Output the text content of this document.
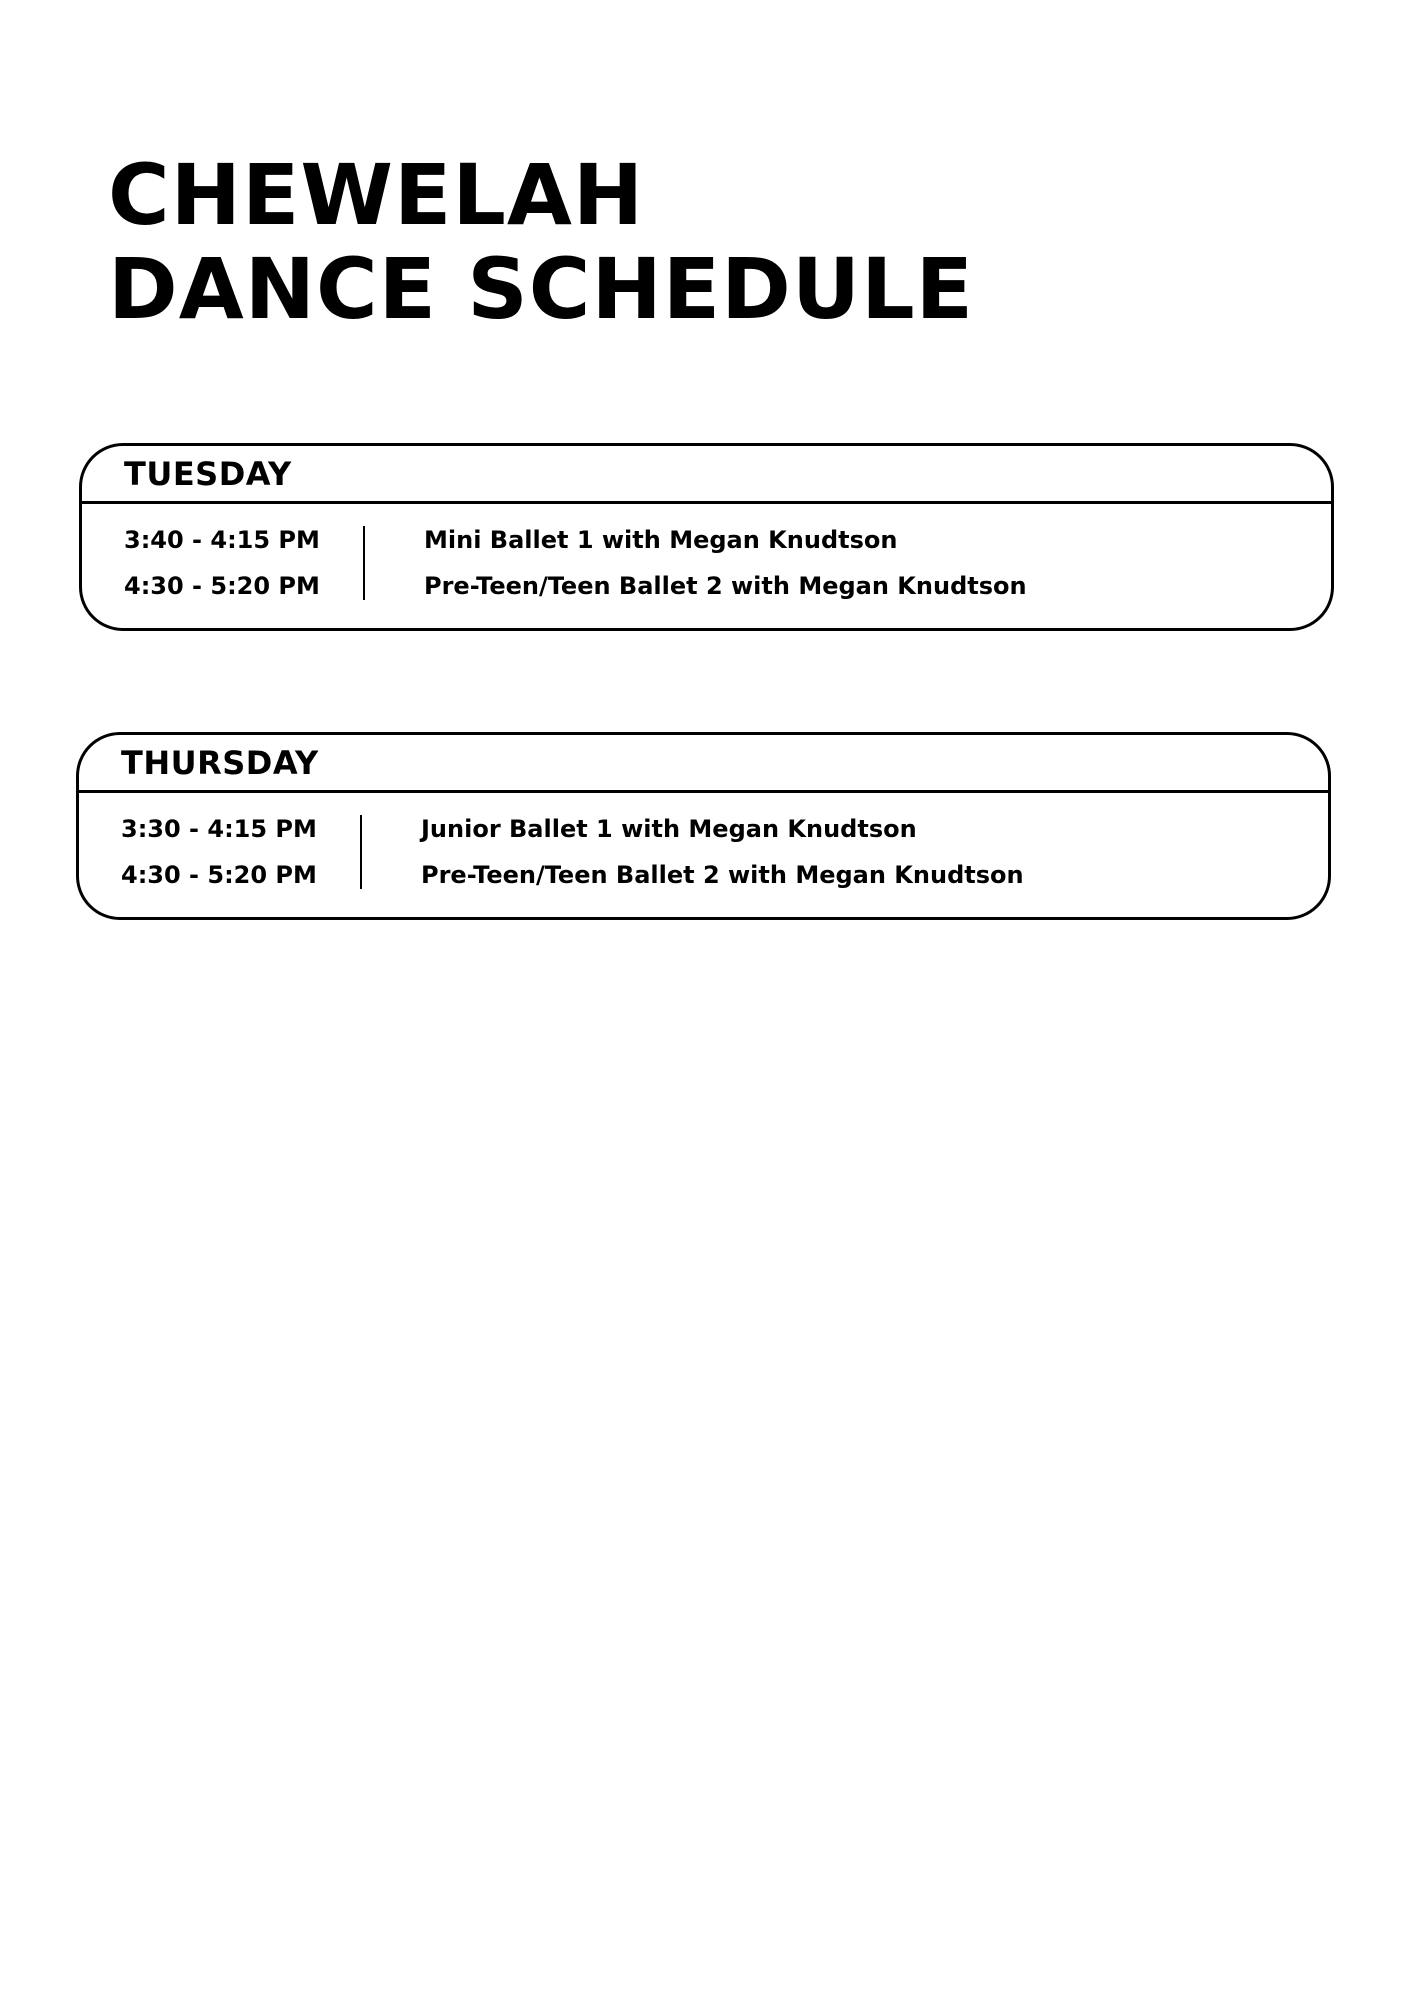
CHEWELAH
DANCE SCHEDULE
TUESDAY
3:40 - 4:15 PM	Mini Ballet 1 with Megan Knudtson
4:30 - 5:20 PM	Pre-Teen/Teen Ballet 2 with Megan Knudtson
THURSDAY
3:30 - 4:15 PM	Junior Ballet 1 with Megan Knudtson
4:30 - 5:20 PM	Pre-Teen/Teen Ballet 2 with Megan Knudtson
